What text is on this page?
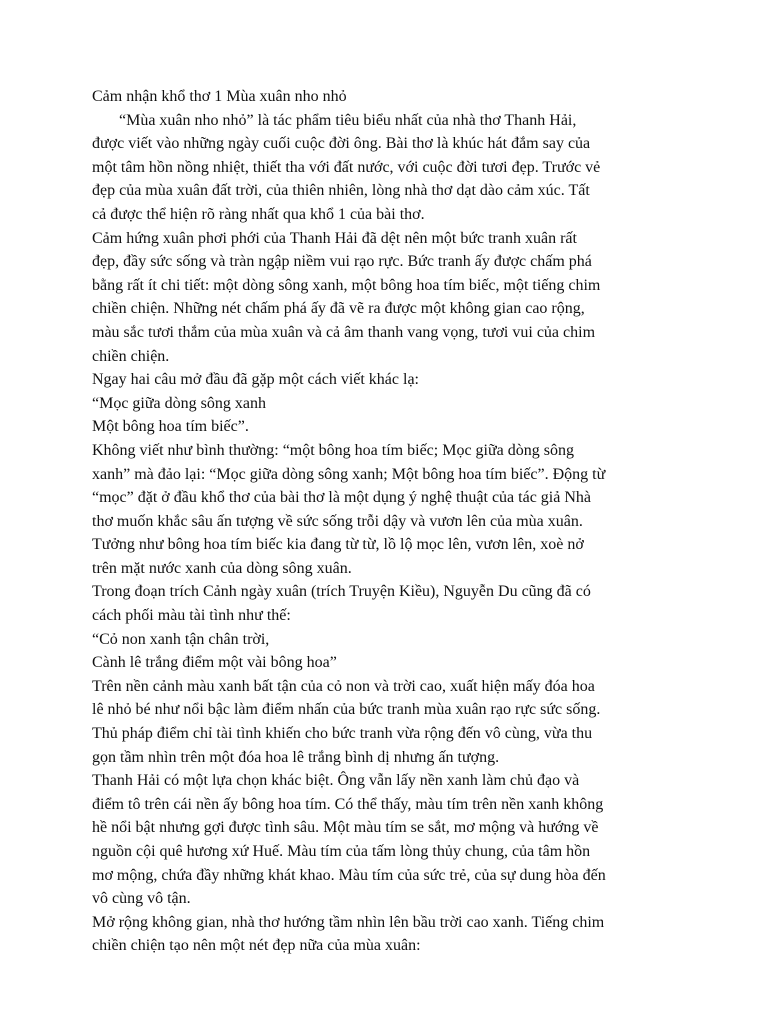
Cảm nhận khổ thơ 1 Mùa xuân nho nhỏ
“Mùa xuân nho nhỏ” là tác phẩm tiêu biểu nhất của nhà thơ Thanh Hải,
được viết vào những ngày cuối cuộc đời ông. Bài thơ là khúc hát đắm say của
một tâm hồn nồng nhiệt, thiết tha với đất nước, với cuộc đời tươi đẹp. Trước vẻ
đẹp của mùa xuân đất trời, của thiên nhiên, lòng nhà thơ dạt dào cảm xúc. Tất
cả được thể hiện rõ ràng nhất qua khổ 1 của bài thơ.
Cảm hứng xuân phơi phới của Thanh Hải đã dệt nên một bức tranh xuân rất
đẹp, đầy sức sống và tràn ngập niềm vui rạo rực. Bức tranh ấy được chấm phá
bằng rất ít chi tiết: một dòng sông xanh, một bông hoa tím biếc, một tiếng chim
chiền chiện. Những nét chấm phá ấy đã vẽ ra được một không gian cao rộng,
màu sắc tươi thắm của mùa xuân và cả âm thanh vang vọng, tươi vui của chim
chiền chiện.
Ngay hai câu mở đầu đã gặp một cách viết khác lạ:
“Mọc giữa dòng sông xanh
Một bông hoa tím biếc”.
Không viết như bình thường: “một bông hoa tím biếc; Mọc giữa dòng sông
xanh” mà đảo lại: “Mọc giữa dòng sông xanh; Một bông hoa tím biếc”. Động từ
“mọc” đặt ở đầu khổ thơ của bài thơ là một dụng ý nghệ thuật của tác giả Nhà
thơ muốn khắc sâu ấn tượng về sức sống trỗi dậy và vươn lên của mùa xuân.
Tưởng như bông hoa tím biếc kia đang từ từ, lồ lộ mọc lên, vươn lên, xoè nở
trên mặt nước xanh của dòng sông xuân.
Trong đoạn trích Cảnh ngày xuân (trích Truyện Kiều), Nguyễn Du cũng đã có
cách phối màu tài tình như thế:
“Cỏ non xanh tận chân trời,
Cành lê trắng điểm một vài bông hoa”
Trên nền cảnh màu xanh bất tận của cỏ non và trời cao, xuất hiện mấy đóa hoa
lê nhỏ bé như nổi bậc làm điểm nhấn của bức tranh mùa xuân rạo rực sức sống.
Thủ pháp điểm chỉ tài tình khiến cho bức tranh vừa rộng đến vô cùng, vừa thu
gọn tầm nhìn trên một đóa hoa lê trắng bình dị nhưng ấn tượng.
Thanh Hải có một lựa chọn khác biệt. Ông vẫn lấy nền xanh làm chủ đạo và
điểm tô trên cái nền ấy bông hoa tím. Có thể thấy, màu tím trên nền xanh không
hề nổi bật nhưng gợi được tình sâu. Một màu tím se sắt, mơ mộng và hướng về
nguồn cội quê hương xứ Huế. Màu tím của tấm lòng thủy chung, của tâm hồn
mơ mộng, chứa đầy những khát khao. Màu tím của sức trẻ, của sự dung hòa đến
vô cùng vô tận.
Mở rộng không gian, nhà thơ hướng tầm nhìn lên bầu trời cao xanh. Tiếng chim
chiền chiện tạo nên một nét đẹp nữa của mùa xuân:
